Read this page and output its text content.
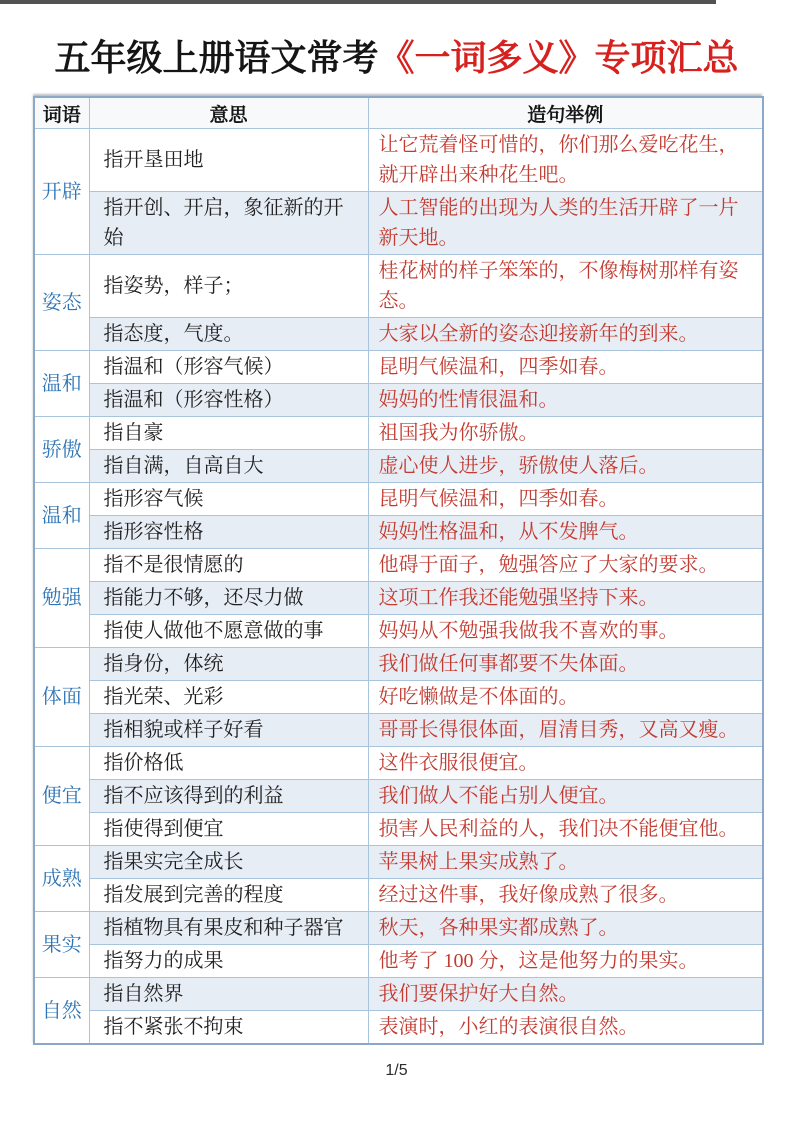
五年级上册语文常考《一词多义》专项汇总
词语	意思	造句举例
开辟	指开垦田地	让它荒着怪可惜的，你们那么爱吃花生，就开辟出来种花生吧。
	指开创、开启，象征新的开始	人工智能的出现为人类的生活开辟了一片新天地。
姿态	指姿势，样子；	桂花树的样子笨笨的，不像梅树那样有姿态。
	指态度，气度。	大家以全新的姿态迎接新年的到来。
温和	指温和（形容气候）	昆明气候温和，四季如春。
	指温和（形容性格）	妈妈的性情很温和。
骄傲	指自豪	祖国我为你骄傲。
	指自满，自高自大	虚心使人进步，骄傲使人落后。
温和	指形容气候	昆明气候温和，四季如春。
	指形容性格	妈妈性格温和，从不发脾气。
勉强	指不是很情愿的	他碍于面子，勉强答应了大家的要求。
	指能力不够，还尽力做	这项工作我还能勉强坚持下来。
	指使人做他不愿意做的事	妈妈从不勉强我做我不喜欢的事。
体面	指身份，体统	我们做任何事都要不失体面。
	指光荣、光彩	好吃懒做是不体面的。
	指相貌或样子好看	哥哥长得很体面，眉清目秀，又高又瘦。
便宜	指价格低	这件衣服很便宜。
	指不应该得到的利益	我们做人不能占别人便宜。
	指使得到便宜	损害人民利益的人，我们决不能便宜他。
成熟	指果实完全成长	苹果树上果实成熟了。
	指发展到完善的程度	经过这件事，我好像成熟了很多。
果实	指植物具有果皮和种子器官	秋天，各种果实都成熟了。
	指努力的成果	他考了 100 分，这是他努力的果实。
自然	指自然界	我们要保护好大自然。
	指不紧张不拘束	表演时，小红的表演很自然。
1/5
